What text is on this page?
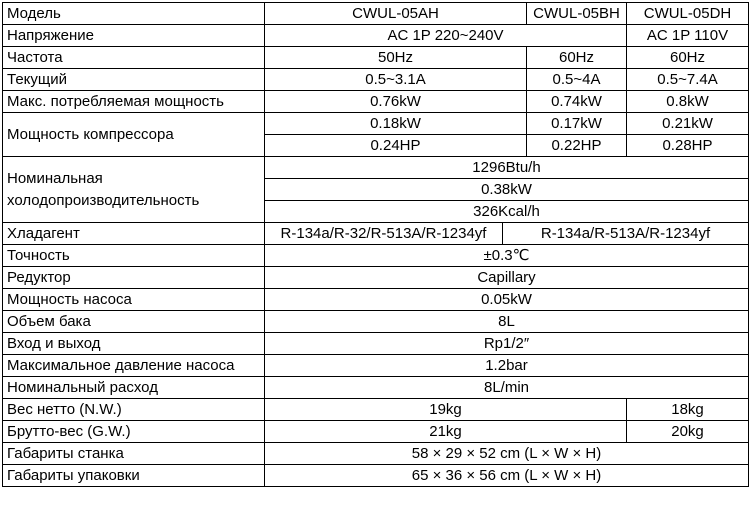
Модель	CWUL-05AH		CWUL-05BH	CWUL-05DH
Напряжение	AC 1P 220~240V			AC 1P 110V
Частота	50Hz		60Hz	60Hz
Текущий	0.5~3.1A		0.5~4A	0.5~7.4A
Макс. потребляемая мощность	0.76kW		0.74kW	0.8kW
Мощность компрессора	0.18kW		0.17kW	0.21kW
	0.24HP		0.22HP	0.28HP
Номинальная холодопроизводительность	1296Btu/h			
	0.38kW			
	326Kcal/h			
Хладагент	R-134a/R-32/R-513A/R-1234yf	R-134a/R-513A/R-1234yf		
Точность	±0.3℃			
Редуктор	Capillary			
Мощность насоса	0.05kW			
Объем бака	8L			
Вход и выход	Rp1/2″			
Максимальное давление насоса	1.2bar			
Номинальный расход	8L/min			
Вес нетто (N.W.)	19kg			18kg
Брутто-вес (G.W.)	21kg			20kg
Габариты станка	58 × 29 × 52 cm (L × W × H)			
Габариты упаковки	65 × 36 × 56 cm (L × W × H)			
